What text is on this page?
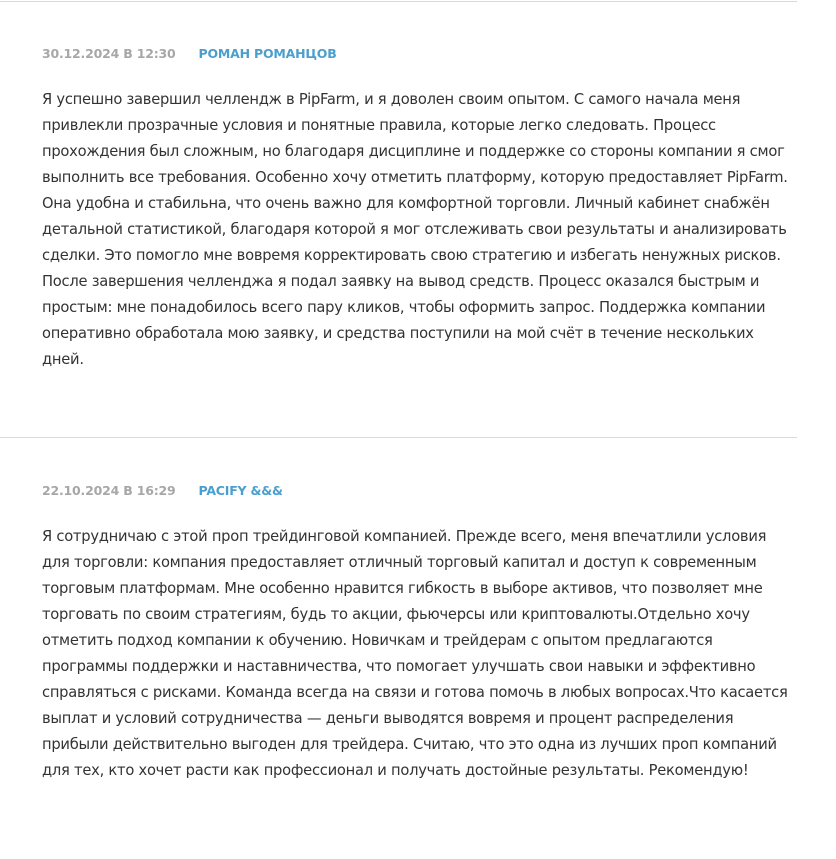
30.12.2024 В 12:30 РОМАН РОМАНЦОВ
Я успешно завершил челлендж в PipFarm, и я доволен своим опытом. С самого начала меня привлекли прозрачные условия и понятные правила, которые легко следовать. Процесс прохождения был сложным, но благодаря дисциплине и поддержке со стороны компании я смог выполнить все требования. Особенно хочу отметить платформу, которую предоставляет PipFarm. Она удобна и стабильна, что очень важно для комфортной торговли. Личный кабинет снабжён детальной статистикой, благодаря которой я мог отслеживать свои результаты и анализировать сделки. Это помогло мне вовремя корректировать свою стратегию и избегать ненужных рисков. После завершения челленджа я подал заявку на вывод средств. Процесс оказался быстрым и простым: мне понадобилось всего пару кликов, чтобы оформить запрос. Поддержка компании оперативно обработала мою заявку, и средства поступили на мой счёт в течение нескольких дней.
22.10.2024 В 16:29 PACIFY &&&
Я сотрудничаю с этой проп трейдинговой компанией. Прежде всего, меня впечатлили условия для торговли: компания предоставляет отличный торговый капитал и доступ к современным торговым платформам. Мне особенно нравится гибкость в выборе активов, что позволяет мне торговать по своим стратегиям, будь то акции, фьючерсы или криптовалюты.Отдельно хочу отметить подход компании к обучению. Новичкам и трейдерам с опытом предлагаются программы поддержки и наставничества, что помогает улучшать свои навыки и эффективно справляться с рисками. Команда всегда на связи и готова помочь в любых вопросах.Что касается выплат и условий сотрудничества — деньги выводятся вовремя и процент распределения прибыли действительно выгоден для трейдера. Считаю, что это одна из лучших проп компаний для тех, кто хочет расти как профессионал и получать достойные результаты. Рекомендую!
